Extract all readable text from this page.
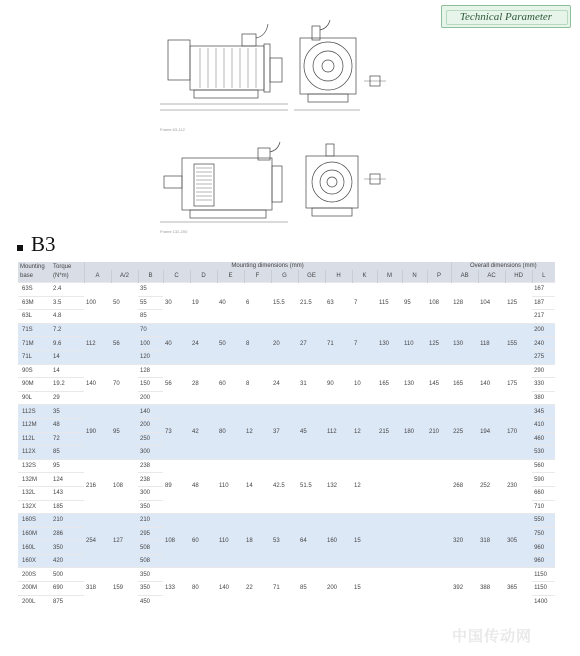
Technical Parameter
Frame 63-112
Frame 132-200
B3
Mounting base	Torque (N*m)	Mounting dimensions (mm)														Overall dimensions (mm)			
		A	A/2	B	C	D	E	F	G	GE	H	K	M	N	P	AB	AC	HD	L
63S	2.4	100	50	35	30	19	40	6	15.5	21.5	63	7	115	95	108	128	104	125	167
63M	3.5			55															187
63L	4.8			85															217
71S	7.2	112	56	70	40	24	50	8	20	27	71	7	130	110	125	130	118	155	200
71M	9.6			100															240
71L	14			120															275
90S	14	140	70	128	56	28	60	8	24	31	90	10	165	130	145	165	140	175	290
90M	19.2			150															330
90L	29			200															380
112S	35	190	95	140	73	42	80	12	37	45	112	12	215	180	210	225	194	170	345
112M	48			200															410
112L	72			250															460
112X	85			300															530
132S	95	216	108	238	89	48	110	14	42.5	51.5	132	12				268	252	230	560
132M	124			238															590
132L	143			300															660
132X	185			350															710
160S	210	254	127	210	108	60	110	18	53	64	160	15				320	318	305	550
160M	286			295															750
160L	350			508															960
160X	420			508															960
200S	500	318	159	350	133	80	140	22	71	85	200	15				392	388	365	1150
200M	690			350															1150
200L	875			450															1400
中国传动网
